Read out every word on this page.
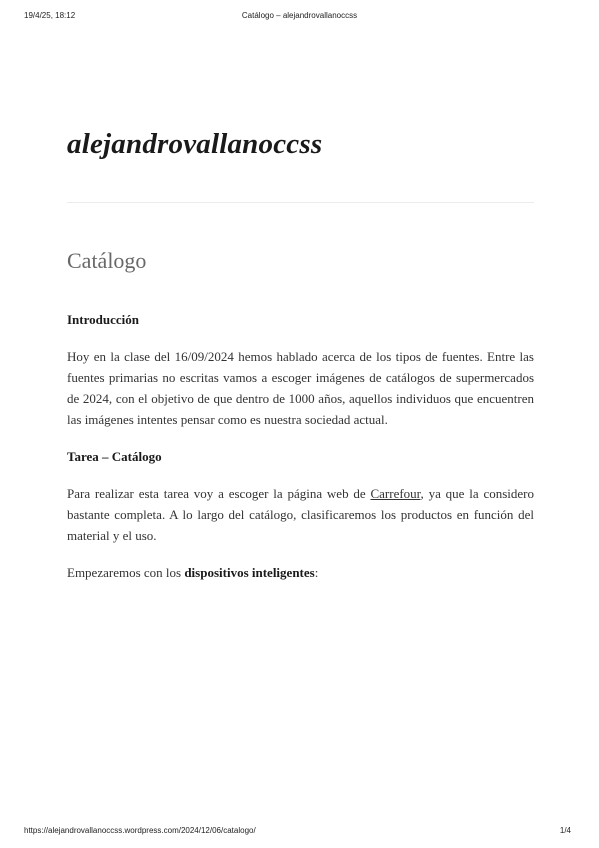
19/4/25, 18:12	Catálogo – alejandrovallanoccss
alejandrovallanoccss
Catálogo
Introducción

Hoy en la clase del 16/09/2024 hemos hablado acerca de los tipos de fuentes. Entre las fuentes primarias no escritas vamos a escoger imágenes de catálogos de supermercados de 2024, con el objetivo de que dentro de 1000 años, aquellos individuos que encuentren las imágenes intentes pensar como es nuestra sociedad actual.

Tarea – Catálogo

Para realizar esta tarea voy a escoger la página web de Carrefour, ya que la considero bastante completa. A lo largo del catálogo, clasificaremos los productos en función del material y el uso.

Empezaremos con los dispositivos inteligentes:

https://alejandrovallanoccss.wordpress.com/2024/12/06/catalogo/	1/4
